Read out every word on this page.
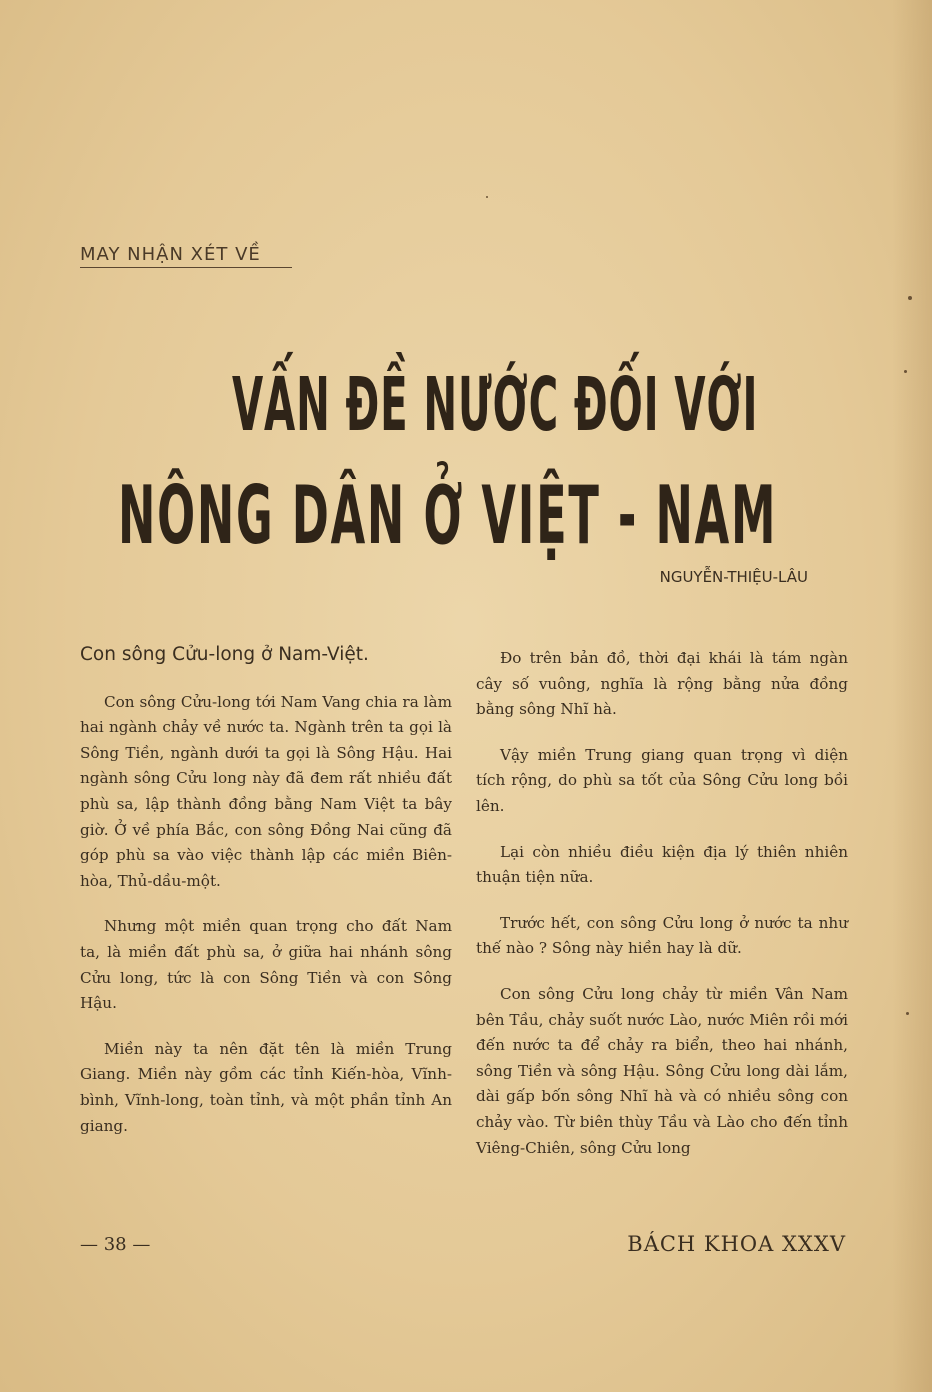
MAY NHẬN XÉT VỀ
VẤN ĐỀ NƯỚC ĐỐI VỚI
NÔNG DÂN Ở VIỆT - NAM
NGUYỄN-THIỆU-LÂU
Con sông Cửu-long ở Nam-Việt.

Con sông Cửu-long tới Nam Vang chia ra làm hai ngành chảy về nước ta. Ngành trên ta gọi là Sông Tiền, ngành dưới ta gọi là Sông Hậu. Hai ngành sông Cửu long này đã đem rất nhiều đất phù sa, lập thành đồng bằng Nam Việt ta bây giờ. Ở về phía Bắc, con sông Đồng Nai cũng đã góp phù sa vào việc thành lập các miền Biên-hòa, Thủ-dầu-một.

Nhưng một miền quan trọng cho đất Nam ta, là miền đất phù sa, ở giữa hai nhánh sông Cửu long, tức là con Sông Tiền và con Sông Hậu.

Miền này ta nên đặt tên là miền Trung Giang. Miền này gồm các tỉnh Kiến-hòa, Vĩnh-bình, Vĩnh-long, toàn tỉnh, và một phần tỉnh An giang.

Đo trên bản đồ, thời đại khái là tám ngàn cây số vuông, nghĩa là rộng bằng nửa đồng bằng sông Nhĩ hà.

Vậy miền Trung giang quan trọng vì diện tích rộng, do phù sa tốt của Sông Cửu long bồi lên.

Lại còn nhiều điều kiện địa lý thiên nhiên thuận tiện nữa.

Trước hết, con sông Cửu long ở nước ta như thế nào ? Sông này hiền hay là dữ.

Con sông Cửu long chảy từ miền Vân Nam bên Tầu, chảy suốt nước Lào, nước Miên rồi mới đến nước ta để chảy ra biển, theo hai nhánh, sông Tiền và sông Hậu. Sông Cửu long dài lắm, dài gấp bốn sông Nhĩ hà và có nhiều sông con chảy vào. Từ biên thùy Tầu và Lào cho đến tỉnh Viêng-Chiên, sông Cửu long

— 38 —	BÁCH KHOA XXXV
